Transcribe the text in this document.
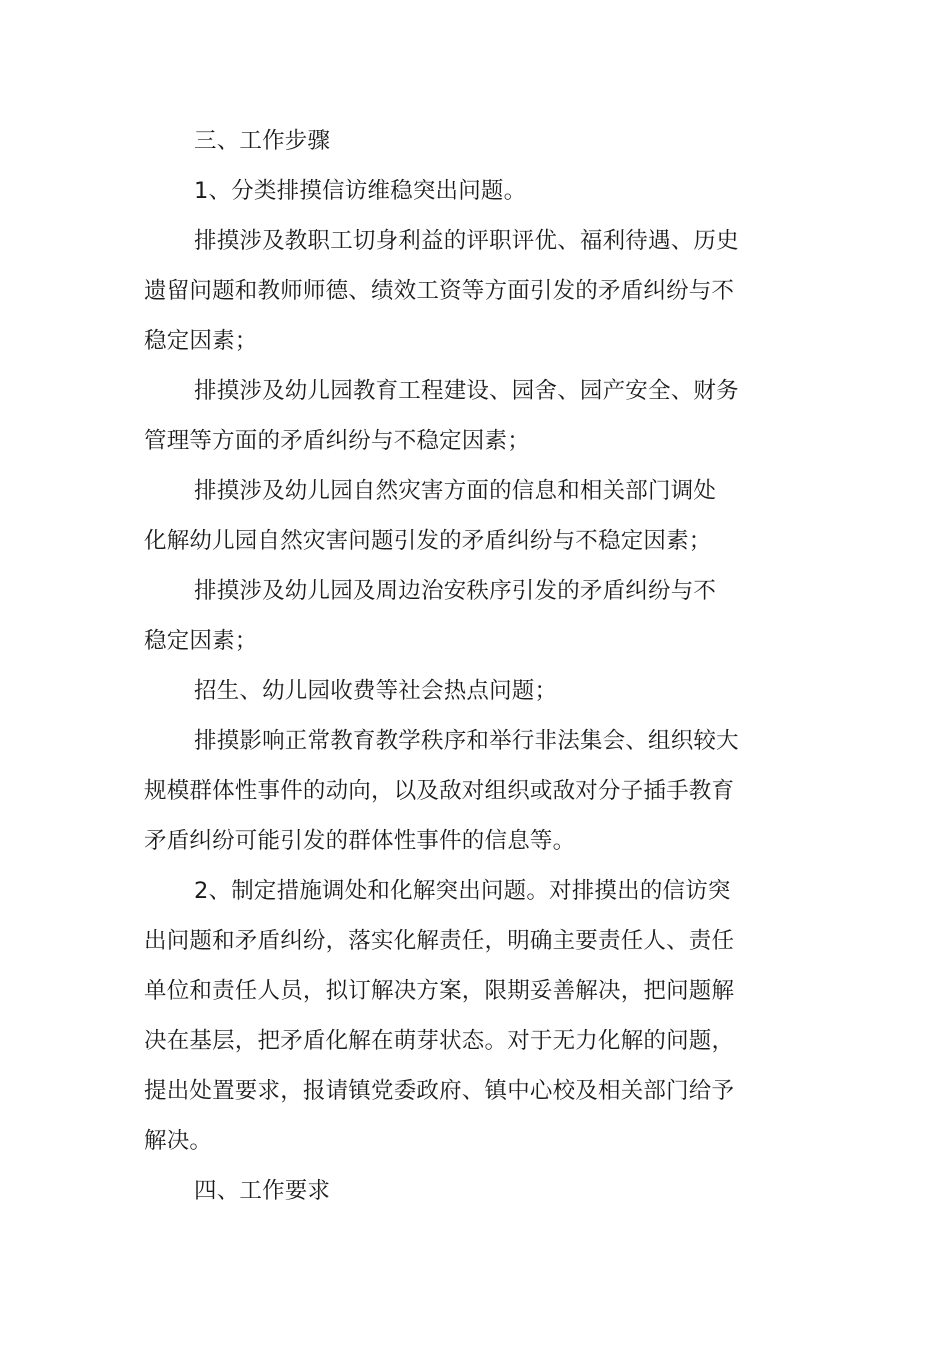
三、工作步骤
1、分类排摸信访维稳突出问题。
排摸涉及教职工切身利益的评职评优、福利待遇、历史
遗留问题和教师师德、绩效工资等方面引发的矛盾纠纷与不
稳定因素；
排摸涉及幼儿园教育工程建设、园舍、园产安全、财务
管理等方面的矛盾纠纷与不稳定因素；
排摸涉及幼儿园自然灾害方面的信息和相关部门调处
化解幼儿园自然灾害问题引发的矛盾纠纷与不稳定因素；
排摸涉及幼儿园及周边治安秩序引发的矛盾纠纷与不
稳定因素；
招生、幼儿园收费等社会热点问题；
排摸影响正常教育教学秩序和举行非法集会、组织较大
规模群体性事件的动向，以及敌对组织或敌对分子插手教育
矛盾纠纷可能引发的群体性事件的信息等。
2、制定措施调处和化解突出问题。对排摸出的信访突
出问题和矛盾纠纷，落实化解责任，明确主要责任人、责任
单位和责任人员，拟订解决方案，限期妥善解决，把问题解
决在基层，把矛盾化解在萌芽状态。对于无力化解的问题，
提出处置要求，报请镇党委政府、镇中心校及相关部门给予
解决。
四、工作要求
